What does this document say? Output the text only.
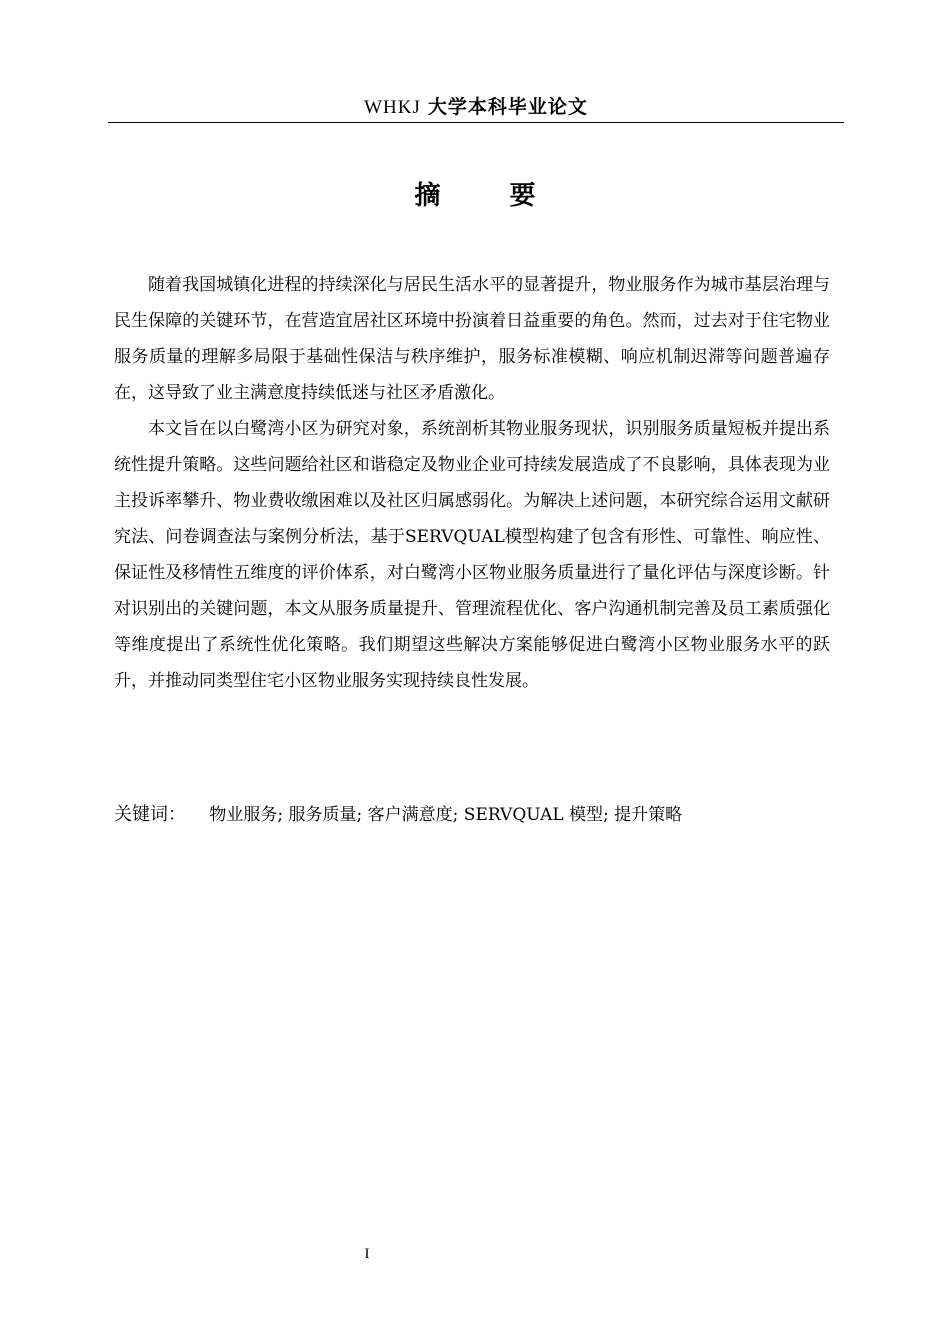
WHKJ 大学本科毕业论文
摘 要

随着我国城镇化进程的持续深化与居民生活水平的显著提升，物业服务作为城市基层治理与民生保障的关键环节，在营造宜居社区环境中扮演着日益重要的角色。然而，过去对于住宅物业服务质量的理解多局限于基础性保洁与秩序维护，服务标准模糊、响应机制迟滞等问题普遍存在，这导致了业主满意度持续低迷与社区矛盾激化。

本文旨在以白鹭湾小区为研究对象，系统剖析其物业服务现状，识别服务质量短板并提出系统性提升策略。这些问题给社区和谐稳定及物业企业可持续发展造成了不良影响，具体表现为业主投诉率攀升、物业费收缴困难以及社区归属感弱化。为解决上述问题，本研究综合运用文献研究法、问卷调查法与案例分析法，基于SERVQUAL模型构建了包含有形性、可靠性、响应性、保证性及移情性五维度的评价体系，对白鹭湾小区物业服务质量进行了量化评估与深度诊断。针对识别出的关键问题，本文从服务质量提升、管理流程优化、客户沟通机制完善及员工素质强化等维度提出了系统性优化策略。我们期望这些解决方案能够促进白鹭湾小区物业服务水平的跃升，并推动同类型住宅小区物业服务实现持续良性发展。

关键词： 物业服务; 服务质量; 客户满意度; SERVQUAL 模型; 提升策略
I
